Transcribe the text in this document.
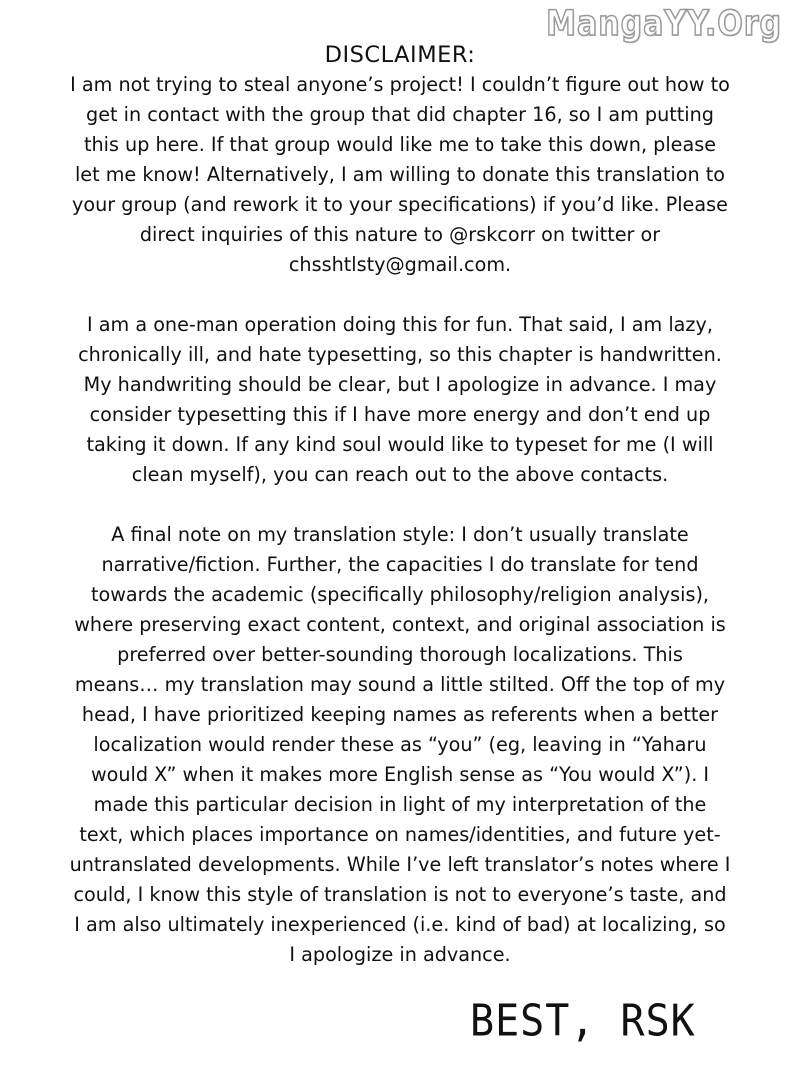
MangaYY.Org
DISCLAIMER:
I am not trying to steal anyone’s project! I couldn’t figure out how to
get in contact with the group that did chapter 16, so I am putting
this up here. If that group would like me to take this down, please
let me know! Alternatively, I am willing to donate this translation to
your group (and rework it to your specifications) if you’d like. Please
direct inquiries of this nature to @rskcorr on twitter or
chsshtlsty@gmail.com.
I am a one-man operation doing this for fun. That said, I am lazy,
chronically ill, and hate typesetting, so this chapter is handwritten.
My handwriting should be clear, but I apologize in advance. I may
consider typesetting this if I have more energy and don’t end up
taking it down. If any kind soul would like to typeset for me (I will
clean myself), you can reach out to the above contacts.
A final note on my translation style: I don’t usually translate
narrative/fiction. Further, the capacities I do translate for tend
towards the academic (specifically philosophy/religion analysis),
where preserving exact content, context, and original association is
preferred over better-sounding thorough localizations. This
means… my translation may sound a little stilted. Off the top of my
head, I have prioritized keeping names as referents when a better
localization would render these as “you” (eg, leaving in “Yaharu
would X” when it makes more English sense as “You would X”). I
made this particular decision in light of my interpretation of the
text, which places importance on names/identities, and future yet-
untranslated developments. While I’ve left translator’s notes where I
could, I know this style of translation is not to everyone’s taste, and
I am also ultimately inexperienced (i.e. kind of bad) at localizing, so
I apologize in advance.
BEST, RSK
